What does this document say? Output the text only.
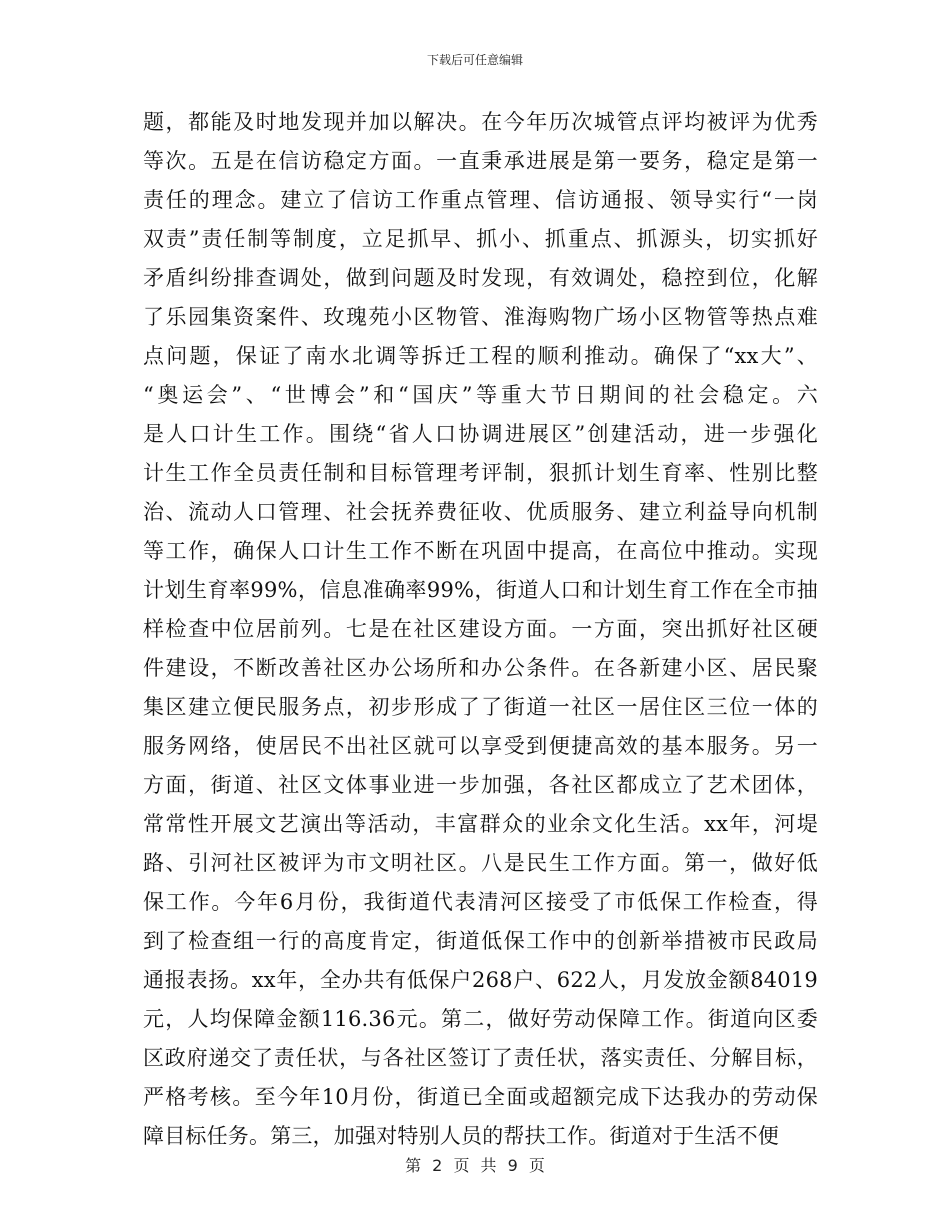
下载后可任意编辑
题，都能及时地发现并加以解决。在今年历次城管点评均被评为优秀
等次。五是在信访稳定方面。一直秉承进展是第一要务，稳定是第一
责任的理念。建立了信访工作重点管理、信访通报、领导实行“一岗
双责”责任制等制度，立足抓早、抓小、抓重点、抓源头，切实抓好
矛盾纠纷排查调处，做到问题及时发现，有效调处，稳控到位，化解
了乐园集资案件、玫瑰苑小区物管、淮海购物广场小区物管等热点难
点问题，保证了南水北调等拆迁工程的顺利推动。确保了“xx大”、
“奥运会”、“世博会”和“国庆”等重大节日期间的社会稳定。六
是人口计生工作。围绕“省人口协调进展区”创建活动，进一步强化
计生工作全员责任制和目标管理考评制，狠抓计划生育率、性别比整
治、流动人口管理、社会抚养费征收、优质服务、建立利益导向机制
等工作，确保人口计生工作不断在巩固中提高，在高位中推动。实现
计划生育率99%，信息准确率99%，街道人口和计划生育工作在全市抽
样检查中位居前列。七是在社区建设方面。一方面，突出抓好社区硬
件建设，不断改善社区办公场所和办公条件。在各新建小区、居民聚
集区建立便民服务点，初步形成了了街道一社区一居住区三位一体的
服务网络，使居民不出社区就可以享受到便捷高效的基本服务。另一
方面，街道、社区文体事业进一步加强，各社区都成立了艺术团体，
常常性开展文艺演出等活动，丰富群众的业余文化生活。xx年，河堤
路、引河社区被评为市文明社区。八是民生工作方面。第一，做好低
保工作。今年6月份，我街道代表清河区接受了市低保工作检查，得
到了检查组一行的高度肯定，街道低保工作中的创新举措被市民政局
通报表扬。xx年，全办共有低保户268户、622人，月发放金额84019
元，人均保障金额116.36元。第二，做好劳动保障工作。街道向区委
区政府递交了责任状，与各社区签订了责任状，落实责任、分解目标，
严格考核。至今年10月份，街道已全面或超额完成下达我办的劳动保
障目标任务。第三，加强对特别人员的帮扶工作。街道对于生活不便
第 2 页 共 9 页
